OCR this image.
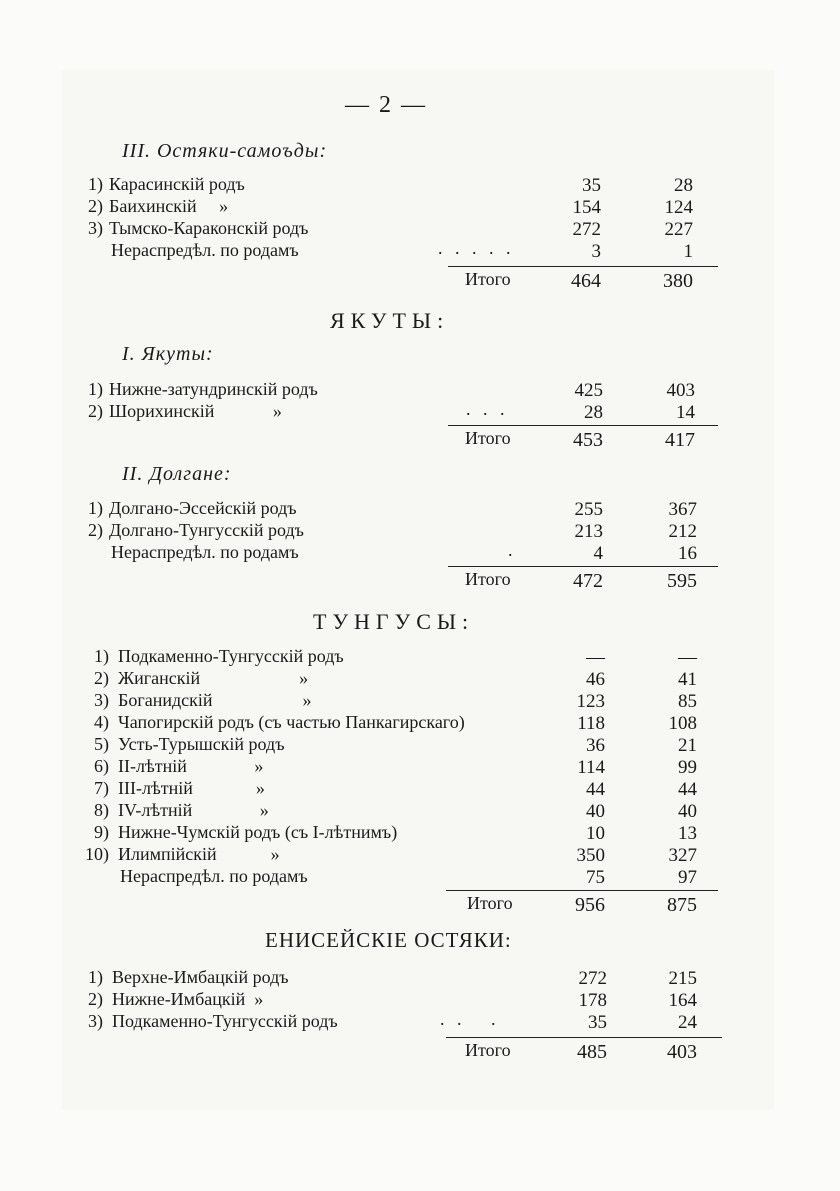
— 2 —
III. Остяки-самоъды:
1) Карасинскій родъ	35	28
2) Баихинскій     »	154	124
3) Тымско-Караконскій родъ	272	227
Нераспредѣл. по родамъ	. . . . .	3	1
Итого	464	380
ЯКУТЫ:
I. Якуты:
1) Нижне-затундринскій родъ	425	403
2) Шорихинскій             »	. . .	28	14
Итого	453	417
II. Долгане:
1) Долгано-Эссейскій родъ	255	367
2) Долгано-Тунгусскій родъ	213	212
Нераспредѣл. по родамъ	.	4	16
Итого	472	595
ТУНГУСЫ:
1) Подкаменно-Тунгусскій родъ	—	—
2) Жиганскій                      »	46	41
3) Боганидскій                    »	123	85
4) Чапогирскій родъ (съ частью Панкагирскаго)	118	108
5) Усть-Турышскій родъ	36	21
6) II-лѣтній               »	114	99
7) III-лѣтній              »	44	44
8) IV-лѣтній               »	40	40
9) Нижне-Чумскій родъ (съ I-лѣтнимъ)	10	13
10) Илимпійскій            »	350	327
Нераспредѣл. по родамъ	75	97
Итого	956	875
ЕНИСЕЙСКІЕ ОСТЯКИ:
1) Верхне-Имбацкій родъ	272	215
2) Нижне-Имбацкій  »	178	164
3) Подкаменно-Тунгусскій родъ	. .   .	35	24
Итого	485	403
